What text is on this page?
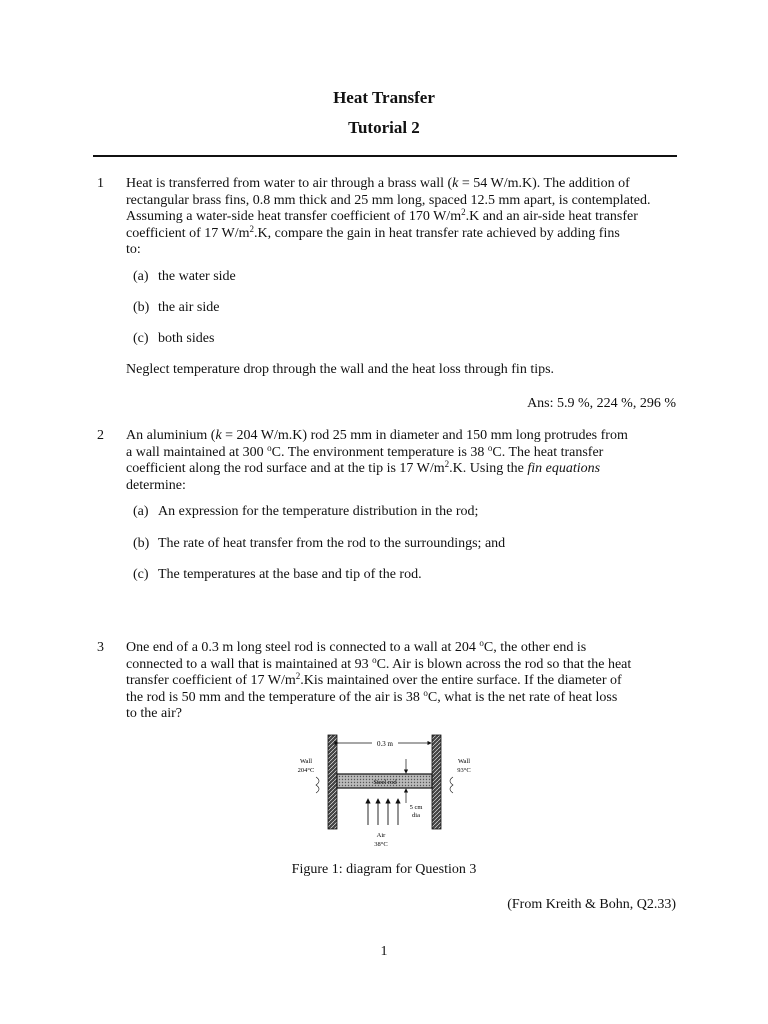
Heat Transfer
Tutorial 2
1 Heat is transferred from water to air through a brass wall (k = 54 W/m.K). The addition of
rectangular brass fins, 0.8 mm thick and 25 mm long, spaced 12.5 mm apart, is contemplated.
Assuming a water-side heat transfer coefficient of 170 $W/m^2.K$ and an air-side heat transfer
coefficient of 17 $W/m^2.K$, compare the gain in heat transfer rate achieved by adding fins
to:
(a) the water side
(b) the air side
(c) both sides
Neglect temperature drop through the wall and the heat loss through fin tips.
Ans: 5.9 %, 224 %, 296 %
2 An aluminium (k = 204 W/m.K) rod 25 mm in diameter and 150 mm long protrudes from
a wall maintained at 300 $^o$C. The environment temperature is 38 $^o$C. The heat transfer
coefficient along the rod surface and at the tip is 17 $W/m^2.K$. Using the fin equations
determine:
(a) An expression for the temperature distribution in the rod;
(b) The rate of heat transfer from the rod to the surroundings; and
(c) The temperatures at the base and tip of the rod.
3 One end of a 0.3 m long steel rod is connected to a wall at 204 $^o$C, the other end is
connected to a wall that is maintained at 93 $^o$C. Air is blown across the rod so that the heat
transfer coefficient of 17 $W/m^2.Kis$ maintained over the entire surface. If the diameter of
the rod is 50 mm and the temperature of the air is 38 $^o$C, what is the net rate of heat loss
to the air?
0.3 m
Steel rod
5 cm
dia
Air
38°C
Wall
204°C
Wall
93°C
Figure 1: diagram for Question 3
(From Kreith & Bohn, Q2.33)
1
